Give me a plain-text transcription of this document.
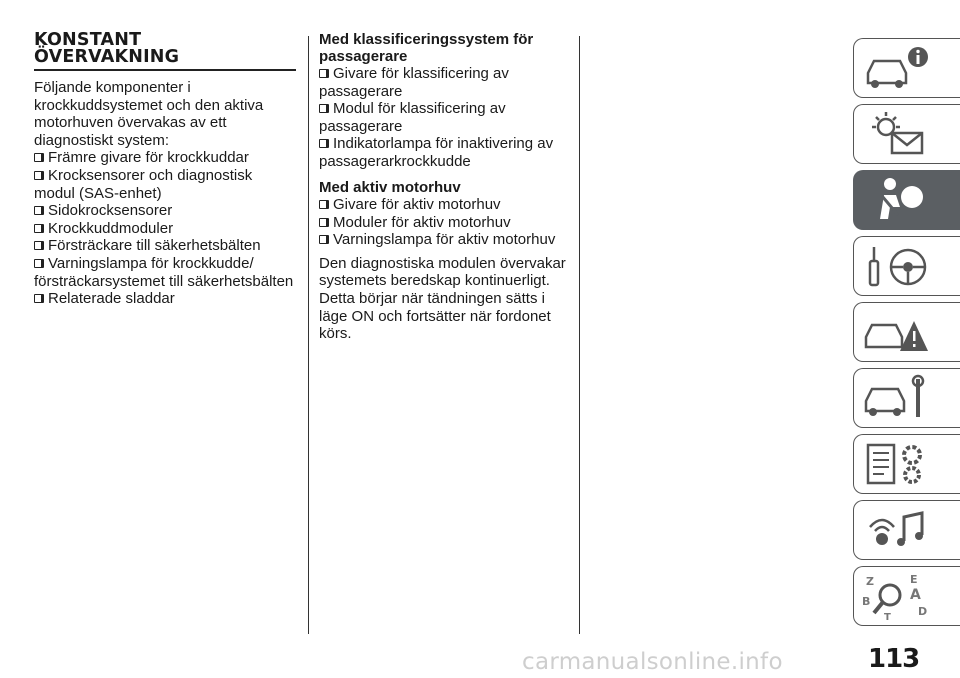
KONSTANT
ÖVERVAKNING

Följande komponenter i krockkuddsystemet och den aktiva motorhuven övervakas av ett diagnostiskt system:

Främre givare för krockkuddar
Krocksensorer och diagnostisk modul (SAS-enhet)
Sidokrocksensorer
Krockkuddmoduler
Försträckare till säkerhetsbälten
Varningslampa för krockkudde/ försträckarsystemet till säkerhetsbälten
Relaterade sladdar

Med klassificeringssystem för passagerare

Givare för klassificering av passagerare
Modul för klassificering av passagerare
Indikatorlampa för inaktivering av passagerarkrockkudde

Med aktiv motorhuv

Givare för aktiv motorhuv
Moduler för aktiv motorhuv
Varningslampa för aktiv motorhuv

Den diagnostiska modulen övervakar systemets beredskap kontinuerligt. Detta börjar när tändningen sätts i läge ON och fortsätter när fordonet körs.

Z	E
B	A
D
T
113
carmanualsonline.info
